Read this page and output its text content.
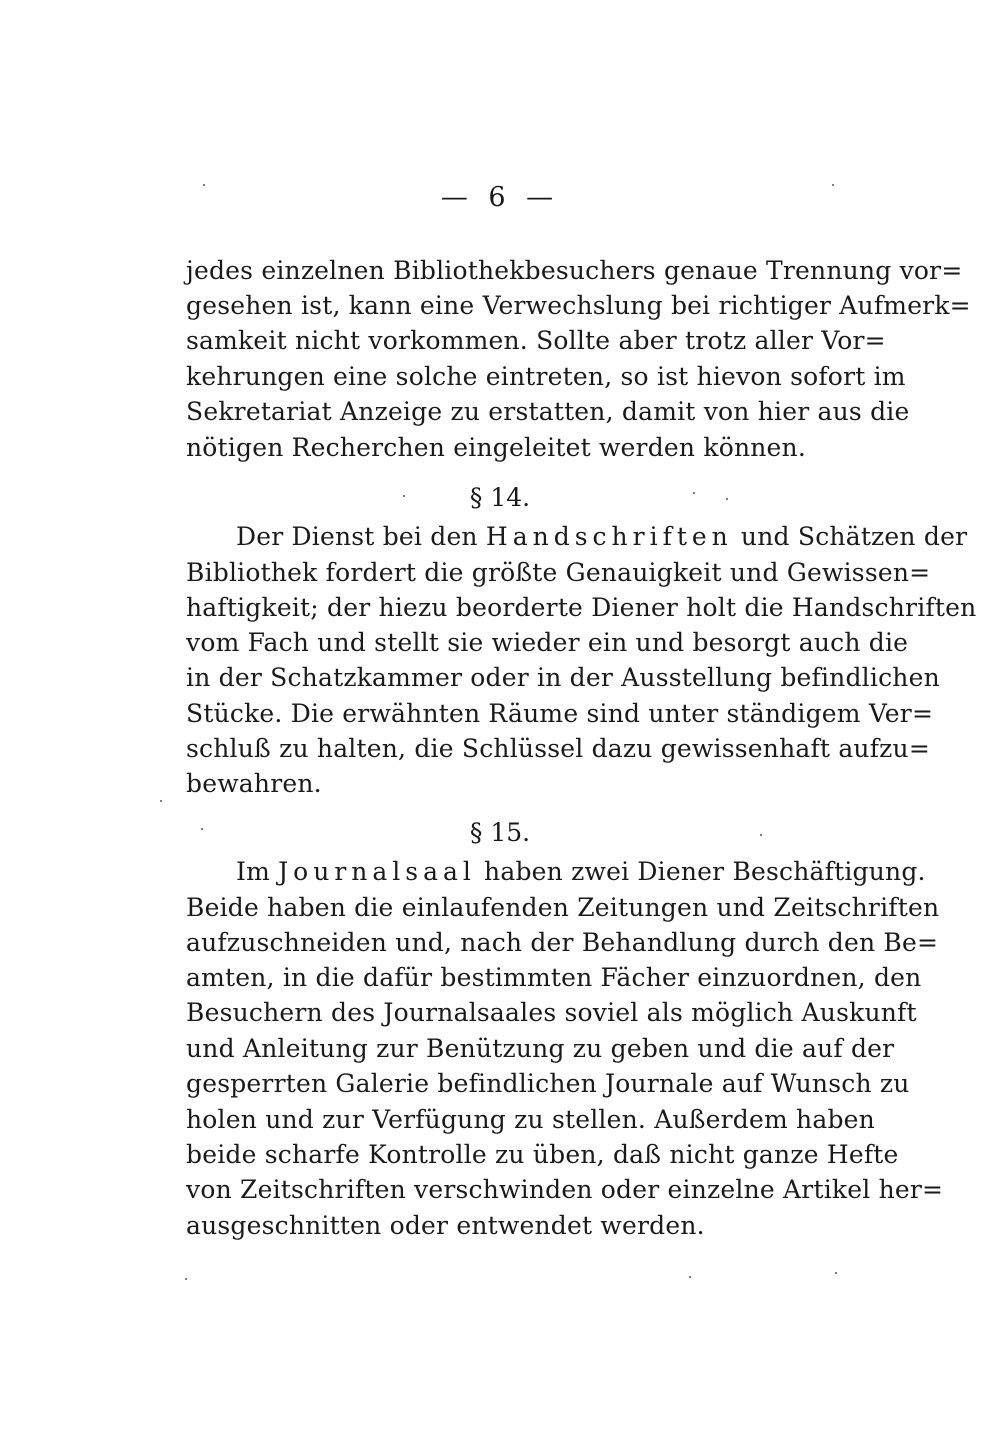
— 6 —
jedes einzelnen Bibliothekbesuchers genaue Trennung vor=
gesehen ist, kann eine Verwechslung bei richtiger Aufmerk=
samkeit nicht vorkommen. Sollte aber trotz aller Vor=
kehrungen eine solche eintreten, so ist hievon sofort im
Sekretariat Anzeige zu erstatten, damit von hier aus die
nötigen Recherchen eingeleitet werden können.
§ 14.
Der Dienst bei den Handschriften und Schätzen der
Bibliothek fordert die größte Genauigkeit und Gewissen=
haftigkeit; der hiezu beorderte Diener holt die Handschriften
vom Fach und stellt sie wieder ein und besorgt auch die
in der Schatzkammer oder in der Ausstellung befindlichen
Stücke. Die erwähnten Räume sind unter ständigem Ver=
schluß zu halten, die Schlüssel dazu gewissenhaft aufzu=
bewahren.
§ 15.
Im Journalsaal haben zwei Diener Beschäftigung.
Beide haben die einlaufenden Zeitungen und Zeitschriften
aufzuschneiden und, nach der Behandlung durch den Be=
amten, in die dafür bestimmten Fächer einzuordnen, den
Besuchern des Journalsaales soviel als möglich Auskunft
und Anleitung zur Benützung zu geben und die auf der
gesperrten Galerie befindlichen Journale auf Wunsch zu
holen und zur Verfügung zu stellen. Außerdem haben
beide scharfe Kontrolle zu üben, daß nicht ganze Hefte
von Zeitschriften verschwinden oder einzelne Artikel her=
ausgeschnitten oder entwendet werden.
